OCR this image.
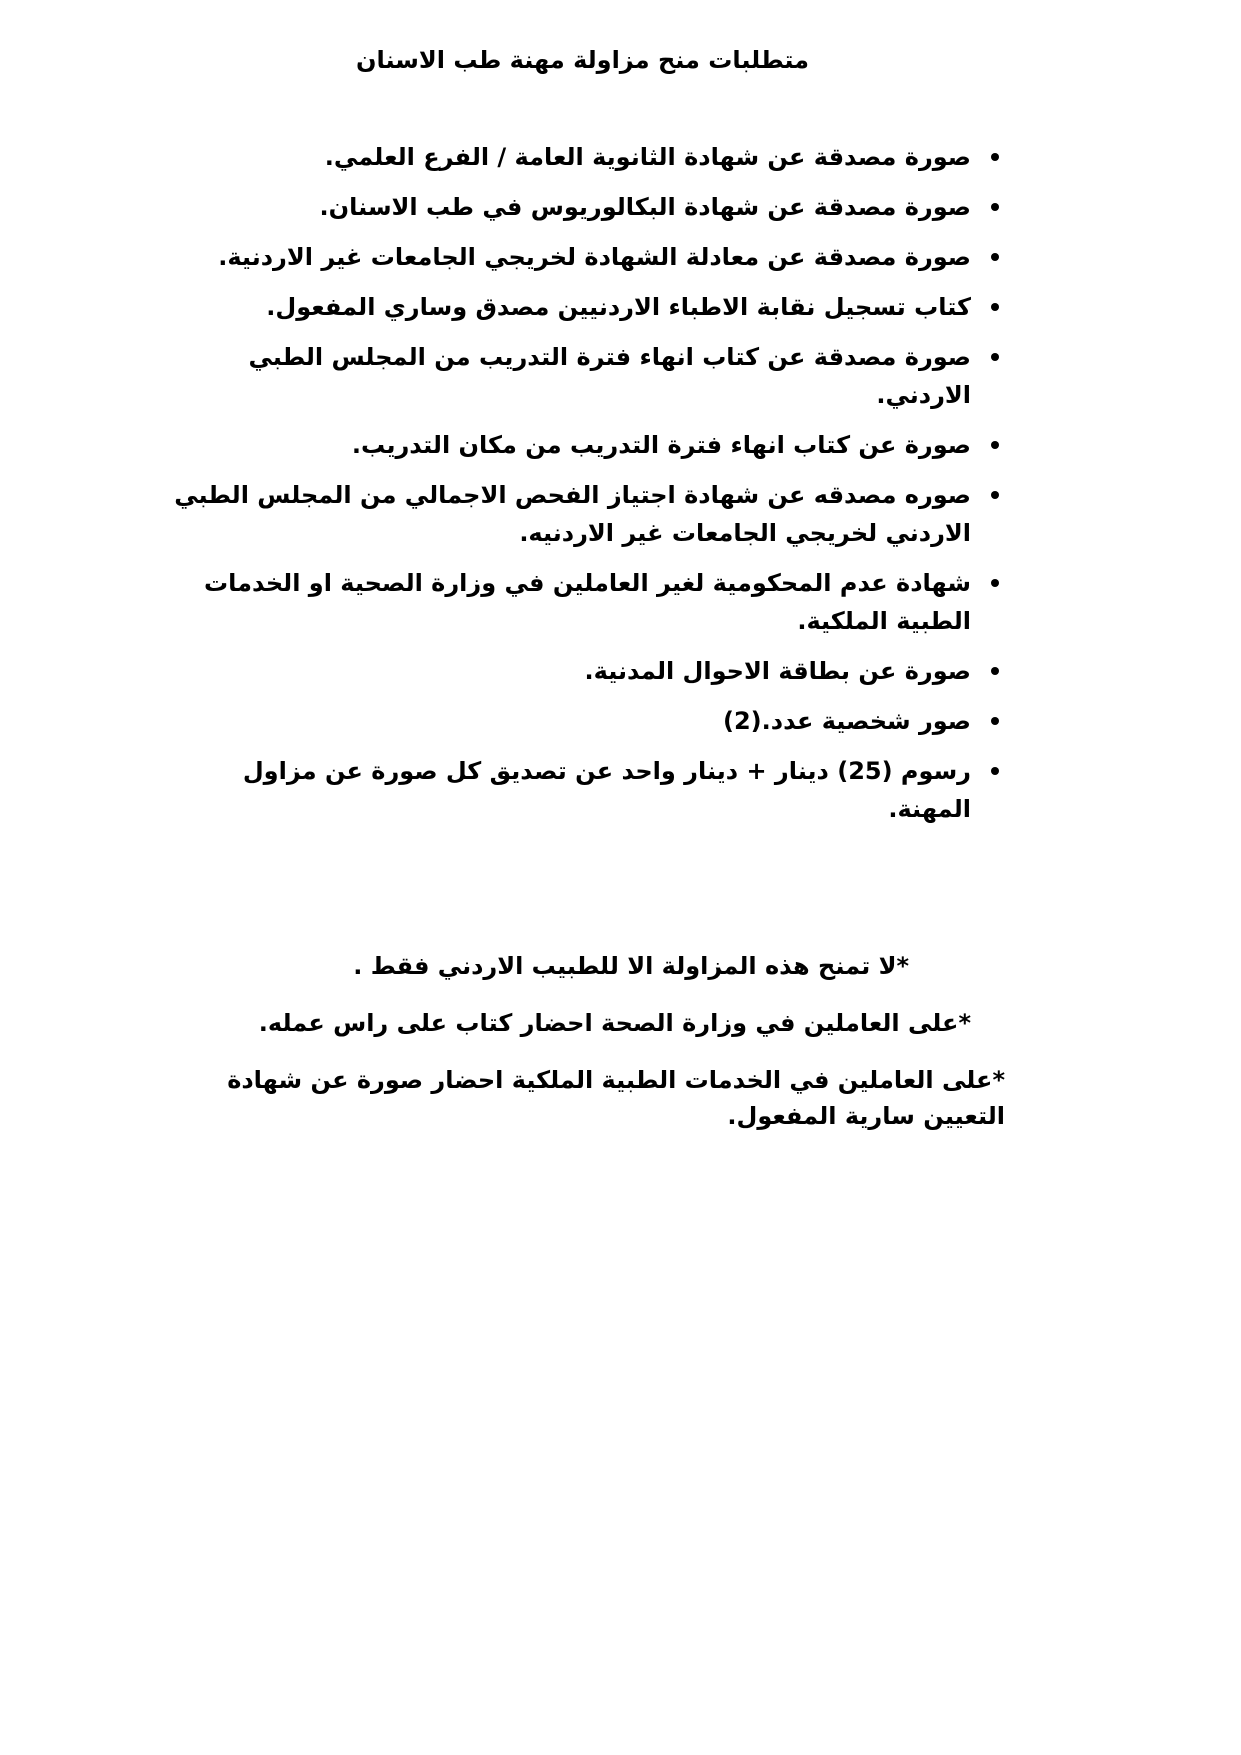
متطلبات منح مزاولة مهنة طب الاسنان
صورة مصدقة عن شهادة الثانوية العامة / الفرع العلمي.
صورة مصدقة عن شهادة البكالوريوس في طب الاسنان.
صورة مصدقة عن معادلة الشهادة لخريجي الجامعات غير الاردنية.
كتاب تسجيل نقابة الاطباء الاردنيين مصدق وساري المفعول.
صورة مصدقة عن كتاب انهاء فترة التدريب من المجلس الطبي الاردني.
صورة عن كتاب انهاء فترة التدريب من مكان التدريب.
صوره مصدقه عن شهادة اجتياز الفحص الاجمالي من المجلس الطبي الاردني لخريجي الجامعات غير الاردنيه.
شهادة عدم المحكومية لغير العاملين في وزارة الصحية او الخدمات الطبية الملكية.
صورة عن بطاقة الاحوال المدنية.
صور شخصية عدد.(2)
رسوم (25) دينار + دينار واحد عن تصديق كل صورة عن مزاول المهنة.

*لا تمنح هذه المزاولة الا للطبيب الاردني فقط .

*على العاملين في وزارة الصحة احضار كتاب على راس عمله.

*على العاملين في الخدمات الطبية الملكية احضار صورة عن شهادة التعيين سارية المفعول.
